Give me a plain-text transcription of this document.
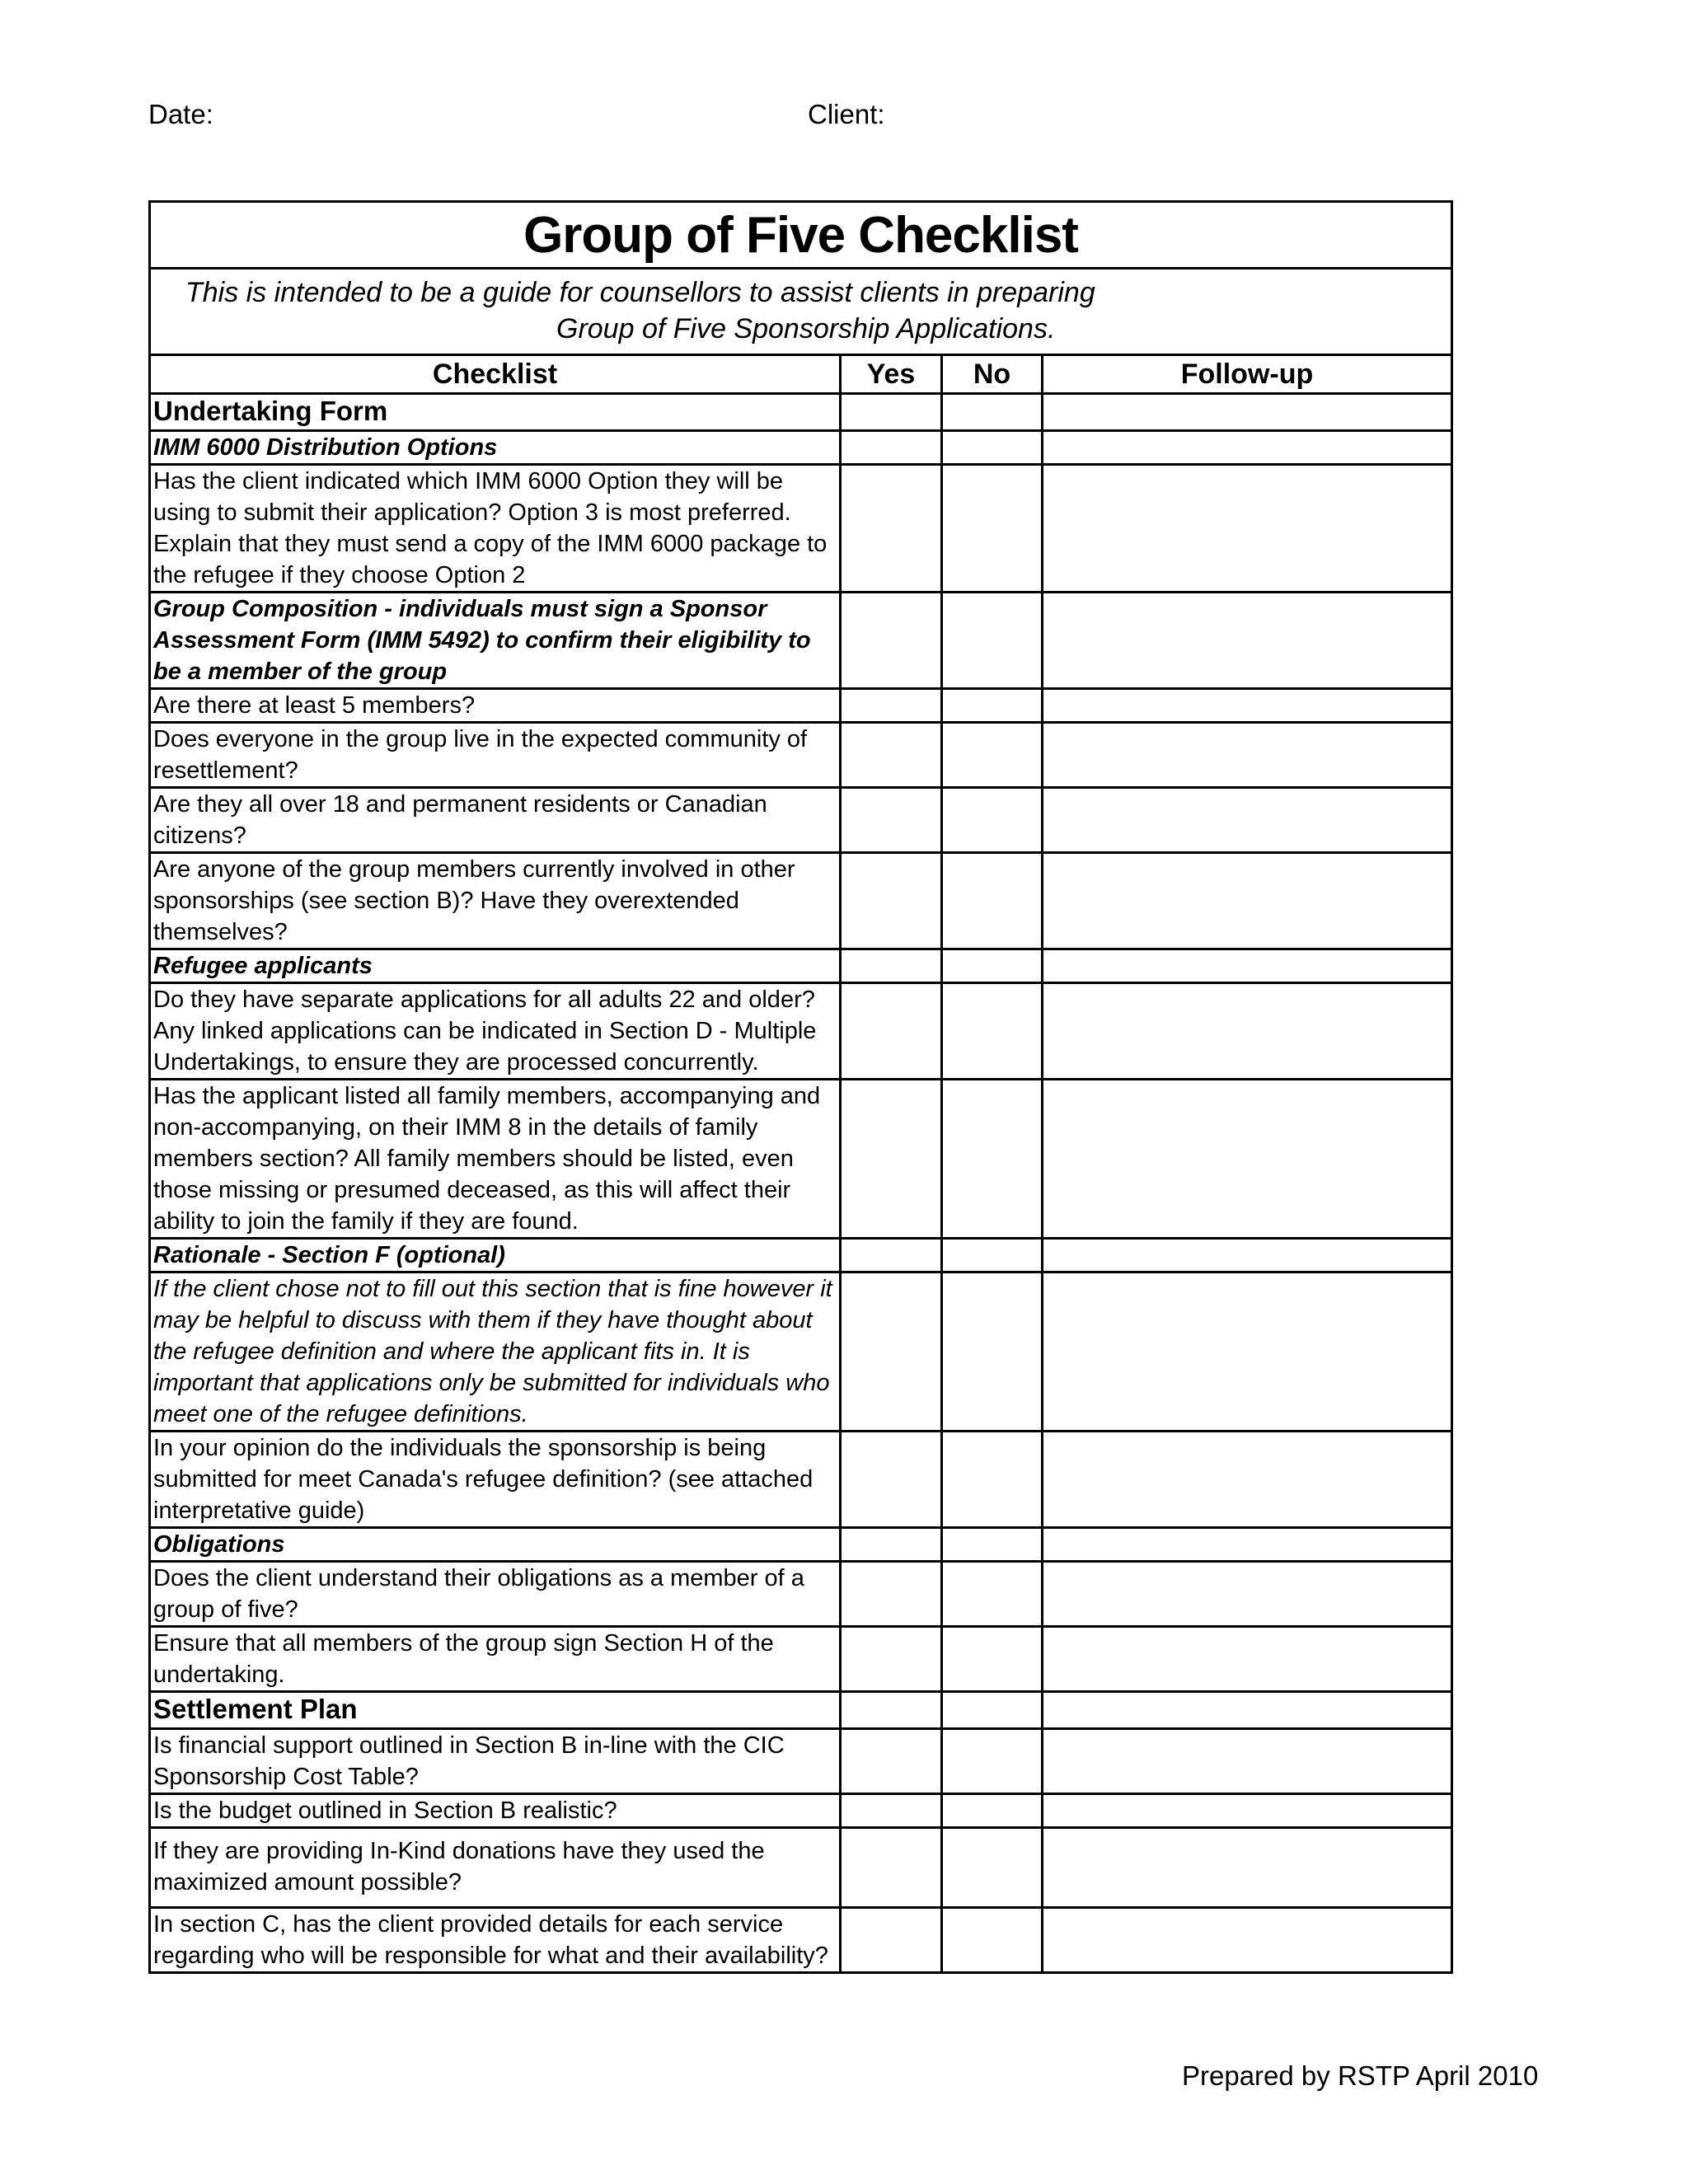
Date:	Client:
Group of Five Checklist			

This is intended to be a guide for counsellors to assist clients in preparing
Group of Five Sponsorship Applications.			

Checklist	Yes	No	Follow-up
Undertaking Form			
IMM 6000 Distribution Options			
Has the client indicated which IMM 6000 Option they will be using to submit their application? Option 3 is most preferred. Explain that they must send a copy of the IMM 6000 package to the refugee if they choose Option 2			
Group Composition - individuals must sign a Sponsor Assessment Form (IMM 5492) to confirm their eligibility to be a member of the group			
Are there at least 5 members?			
Does everyone in the group live in the expected community of resettlement?			
Are they all over 18 and permanent residents or Canadian citizens?			
Are anyone of the group members currently involved in other sponsorships (see section B)? Have they overextended themselves?			
Refugee applicants			
Do they have separate applications for all adults 22 and older? Any linked applications can be indicated in Section D - Multiple Undertakings, to ensure they are processed concurrently.			
Has the applicant listed all family members, accompanying and non-accompanying, on their IMM 8 in the details of family members section? All family members should be listed, even those missing or presumed deceased, as this will affect their ability to join the family if they are found.			
Rationale - Section F (optional)			
If the client chose not to fill out this section that is fine however it may be helpful to discuss with them if they have thought about the refugee definition and where the applicant fits in. It is important that applications only be submitted for individuals who meet one of the refugee definitions.			
In your opinion do the individuals the sponsorship is being submitted for meet Canada's refugee definition? (see attached interpretative guide)			
Obligations			
Does the client understand their obligations as a member of a group of five?			
Ensure that all members of the group sign Section H of the undertaking.			
Settlement Plan			
Is financial support outlined in Section B in-line with the CIC Sponsorship Cost Table?			
Is the budget outlined in Section B realistic?			
If they are providing In-Kind donations have they used the maximized amount possible?			
In section C, has the client provided details for each service regarding who will be responsible for what and their availability?			
Prepared by RSTP April 2010
